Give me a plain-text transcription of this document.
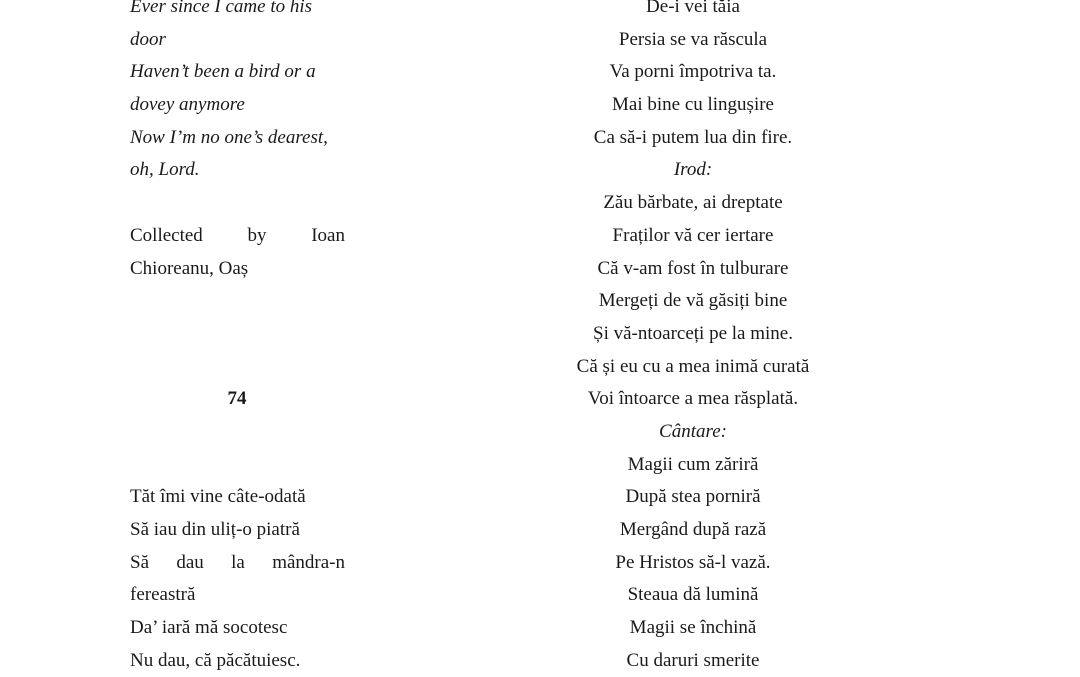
Ever since I came to his
door
Haven’t been a bird or a
dovey anymore
Now I’m no one’s dearest,
oh, Lord.
Collected by Ioan
Chioreanu, Oaș
74
Tăt îmi vine câte-odată
Să iau din uliț-o piatră
Să dau la mândra-n
fereastră
Da’ iară mă socotesc
Nu dau, că păcătuiesc.
De-i vei tăia
Persia se va răscula
Va porni împotriva ta.
Mai bine cu lingușire
Ca să-i putem lua din fire.
Irod:
Zău bărbate, ai dreptate
Fraților vă cer iertare
Că v-am fost în tulburare
Mergeți de vă găsiți bine
Și vă-ntoarceți pe la mine.
Că și eu cu a mea inimă curată
Voi întoarce a mea răsplată.
Cântare:
Magii cum zăriră
După stea porniră
Mergând după rază
Pe Hristos să-l vază.
Steaua dă lumină
Magii se închină
Cu daruri smerite
